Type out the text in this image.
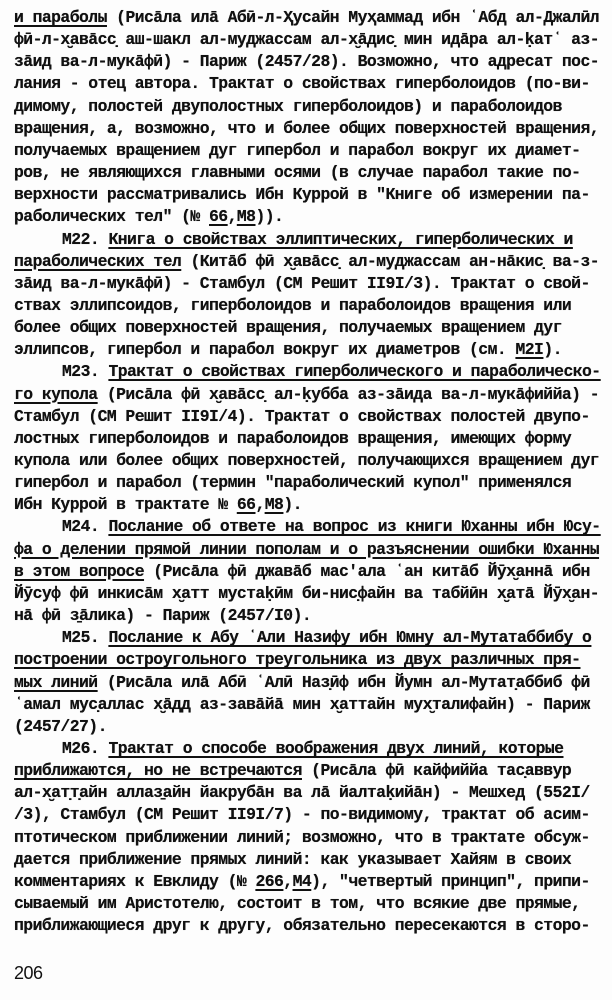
и параболы (Рисāла илā Абӣ-л-Ҳусайн Муҳаммад ибн ʿАбд ал-Джалӣл
фӣ-л-х̮авāсс̣ аш-шакл ал-муджассам ал-х̮āдис̣ мин идāра ал-ḳатʿ аз-
зāид ва-л-мукāфӣ) - Париж (2457/28). Возможно, что адресат пос-
лания - отец автора. Трактат о свойствах гиперболоидов (по-ви-
димому, полостей двуполостных гиперболоидов) и параболоидов
вращения, а, возможно, что и более общих поверхностей вращения,
получаемых вращением дуг гипербол и парабол вокруг их диамет-
ров, не являющихся главными осями (в случае парабол такие по-
верхности рассматривались Ибн Куррой в "Книге об измерении па-
раболических тел" (№ 66,М8)).
М22. Книга о свойствах эллиптических, гиперболических и
параболических тел (Китāб фӣ х̮авāсс̣ ал-муджассам ан-нāкис̣ ва-з-
зāид ва-л-мукāфӣ) - Стамбул (СМ Решит II9I/3). Трактат о свой-
ствах эллипсоидов, гиперболоидов и параболоидов вращения или
более общих поверхностей вращения, получаемых вращением дуг
эллипсов, гипербол и парабол вокруг их диаметров (см. М2I).
М23. Трактат о свойствах гиперболического и параболическо-
го купола (Рисāла фӣ х̮авāсс̣ ал-ḳубба аз-зāида ва-л-мукāфиййа) -
Стамбул (СМ Решит II9I/4). Трактат о свойствах полостей двупо-
лостных гиперболоидов и параболоидов вращения, имеющих форму
купола или более общих поверхностей, получающихся вращением дуг
гипербол и парабол (термин "параболический купол" применялся
Ибн Куррой в трактате № 66,М8).
М24. Послание об ответе на вопрос из книги Юханны ибн Юсу-
фа о делении прямой линии пополам и о разъяснении ошибки Юханны
в этом вопросе (Рисāла фӣ джавāб мас'ала ʿан китāб Йӯх̮аннā ибн
Йӯсуф фӣ инкисāм х̮атт мустаḳӣм би-нис̣файн ва табйӣн х̮атā Йӯх̮ан-
нā фӣ з̱āлика) - Париж (2457/I0).
М25. Послание к Абу ʿАли Назифу ибн Юмну ал-Мутатаббибу о
построении остроугольного треугольника из двух различных пря-
мых линий (Рисāла илā Абӣ ʿАлӣ Наз̣ӣф ибн Йумн ал-Мутат̣аббиб фӣ
ʿамал мус̣аллас х̮āдд аз-завāйā мин х̮аттайн мух̮талифайн) - Париж
(2457/27).
М26. Трактат о способе воображения двух линий, которые
приближаются, но не встречаются (Рисāла фӣ кайфиййа тас̣аввур
ал-х̮ат̣т̣айн аллаз̱айн йакрубāн ва лā йалтаḳийāн) - Мешхед (552I/
/3), Стамбул (СМ Решит II9I/7) - по-видимому, трактат об асим-
птотическом приближении линий; возможно, что в трактате обсуж-
дается приближение прямых линий: как указывает Хайям в своих
комментариях к Евклиду (№ 266,М4), "четвертый принцип", припи-
сываемый им Аристотелю, состоит в том, что всякие две прямые,
приближающиеся друг к другу, обязательно пересекаются в сторо-
206
